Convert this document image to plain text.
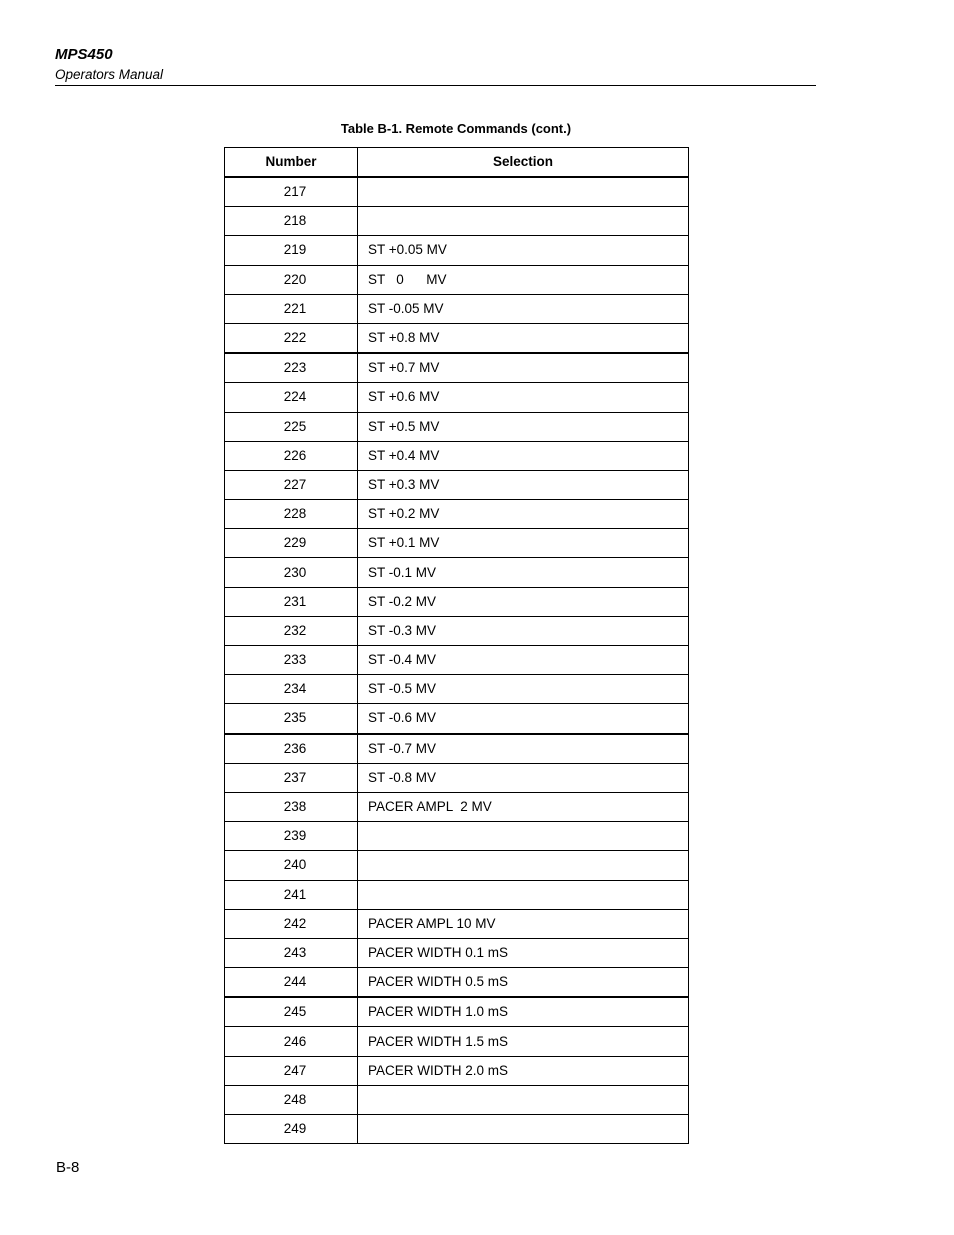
MPS450
Operators Manual
Table B-1. Remote Commands (cont.)
Number	Selection
217	
218	
219	ST +0.05 MV
220	ST   0      MV
221	ST -0.05 MV
222	ST +0.8 MV
223	ST +0.7 MV
224	ST +0.6 MV
225	ST +0.5 MV
226	ST +0.4 MV
227	ST +0.3 MV
228	ST +0.2 MV
229	ST +0.1 MV
230	ST -0.1 MV
231	ST -0.2 MV
232	ST -0.3 MV
233	ST -0.4 MV
234	ST -0.5 MV
235	ST -0.6 MV
236	ST -0.7 MV
237	ST -0.8 MV
238	PACER AMPL  2 MV
239	
240	
241	
242	PACER AMPL 10 MV
243	PACER WIDTH 0.1 mS
244	PACER WIDTH 0.5 mS
245	PACER WIDTH 1.0 mS
246	PACER WIDTH 1.5 mS
247	PACER WIDTH 2.0 mS
248	
249	
B-8
